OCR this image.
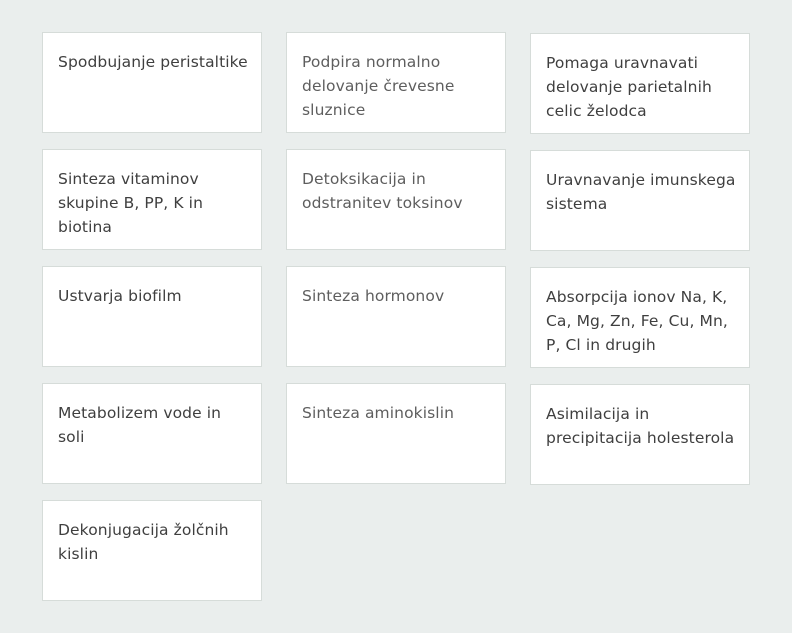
Spodbujanje peristaltike	Podpira normalno delovanje črevesne sluznice
Pomaga uravnavati delovanje parietalnih celic želodca
Sinteza vitaminov skupine B, PP, K in biotina
Detoksikacija in odstranitev toksinov
Uravnavanje imunskega sistema
Ustvarja biofilm	Sinteza hormonov	Absorpcija ionov Na, K, Ca, Mg, Zn, Fe, Cu, Mn, P, Cl in drugih
Metabolizem vode in soli
Sinteza aminokislin	Asimilacija in precipitacija holesterola
Dekonjugacija žolčnih kislin
